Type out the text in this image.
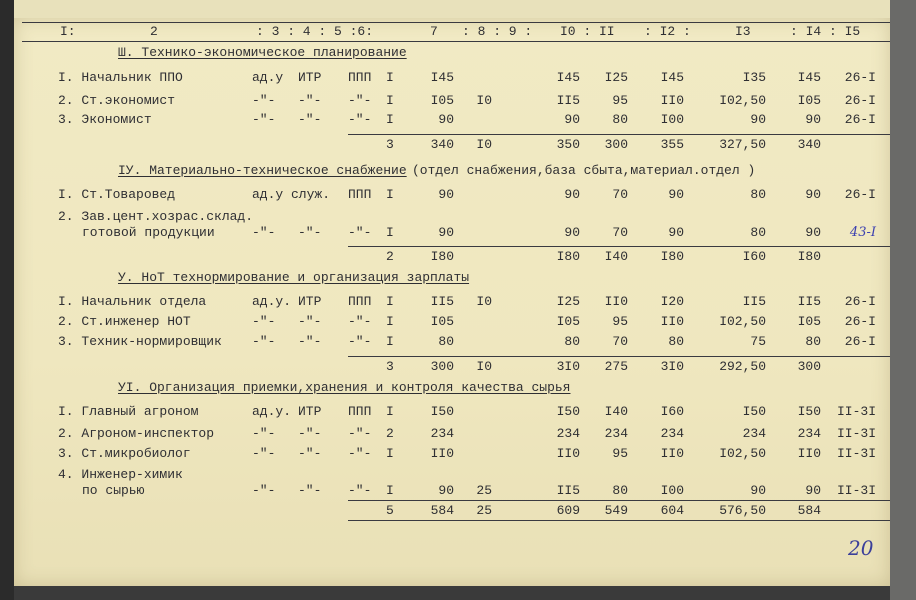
I:	2	: 3 : 4 : 5 :6:	7 : 8 : 9 : I0 : II : I2 :	I3	: I4 : I5
Ш. Технико-экономическое планирование
I. Начальник ППО	ад.у ИТР ППП I	I45	I45 I25	I45	I35 I45 26-I
2. Ст.экономист	-"- -"- -"- I	I05 I0	II5 95	II0	I02,50 I05 26-I
3. Экономист	-"- -"- -"- I	90	90 80	I00	90	90 26-I
3	340 I0	350 300	355	327,50 340
IУ. Материально-техническое снабжение (отдел снабжения,база сбыта,материал.отдел )
I. Ст.Товаровед	ад.у служ. ППП I	90	90 70	90	80	90 26-I
2. Зав.цент.хозрас.склад.
готовой продукции	-"- -"- -"- I	90	90 70	90	80	90 43-I
2	I80	I80 I40	I80	I60 I80
У. НоТ технормирование и организация зарплаты
I. Начальник отдела	ад.у. ИТР ППП I	II5 I0	I25 II0	I20	II5 II5 26-I
2. Ст.инженер НОТ	-"- -"- -"- I	I05	I05 95	II0	I02,50 I05 26-I
3. Техник-нормировщик -"- -"- -"- I	80	80 70	80	75	80 26-I
3	300 I0	3I0 275	3I0	292,50 300
УI. Организация приемки,хранения и контроля качества сырья
I. Главный агроном	ад.у. ИТР ППП I	I50	I50 I40	I60	I50 I50 II-3I
2. Агроном-инспектор	-"- -"- -"- 2	234	234 234	234	234 234 II-3I
3. Ст.микробиолог	-"- -"- -"- I	II0	II0 95	II0	I02,50 II0 II-3I
4. Инженер-химик
по сырью	-"- -"- -"- I	90 25	II5 80	I00	90	90 II-3I
5	584 25	609 549	604	576,50 584
20
